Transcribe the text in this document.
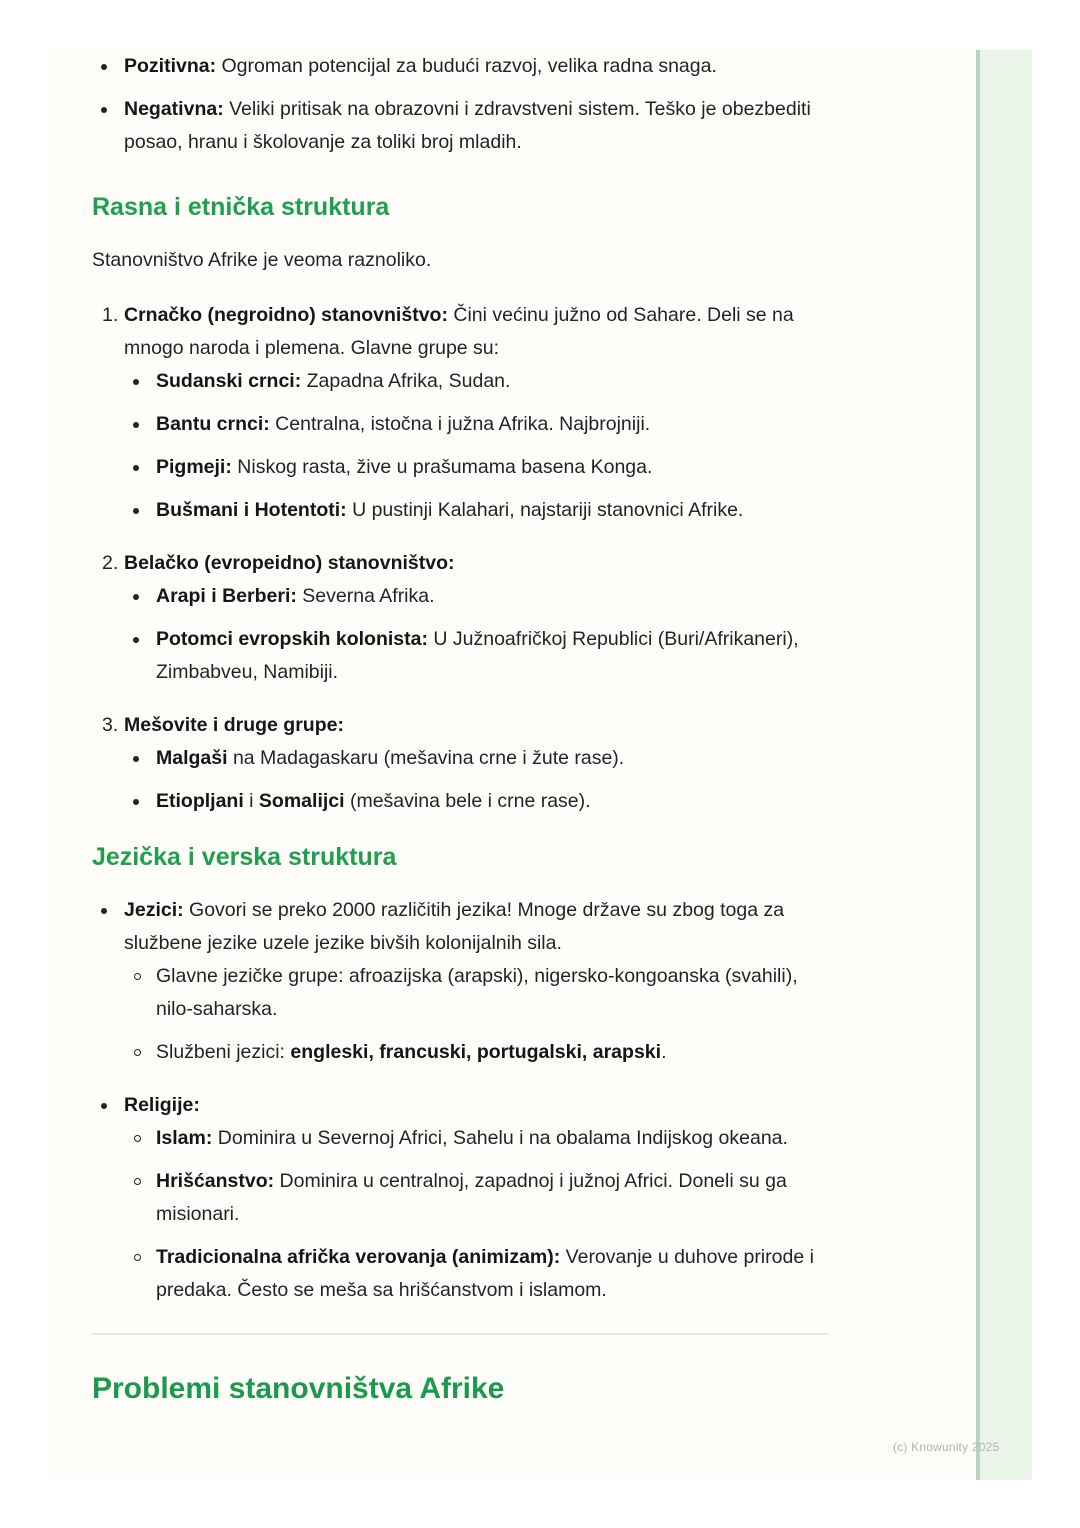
Pozitivna: Ogroman potencijal za budući razvoj, velika radna snaga.
Negativna: Veliki pritisak na obrazovni i zdravstveni sistem. Teško je obezbediti posao, hranu i školovanje za toliki broj mladih.
Rasna i etnička struktura

Stanovništvo Afrike je veoma raznoliko.

1. Crnačko (negroidno) stanovništvo: Čini većinu južno od Sahare. Deli se na mnogo naroda i plemena. Glavne grupe su:
Sudanski crnci: Zapadna Afrika, Sudan.
Bantu crnci: Centralna, istočna i južna Afrika. Najbrojniji.
Pigmeji: Niskog rasta, žive u prašumama basena Konga.
Bušmani i Hotentoti: U pustinji Kalahari, najstariji stanovnici Afrike.
2. Belačko (evropeidno) stanovništvo:
Arapi i Berberi: Severna Afrika.
Potomci evropskih kolonista: U Južnoafričkoj Republici (Buri/Afrikaneri), Zimbabveu, Namibiji.
3. Mešovite i druge grupe:
Malgaši na Madagaskaru (mešavina crne i žute rase).
Etiopljani i Somalijci (mešavina bele i crne rase).
Jezička i verska struktura
Jezici: Govori se preko 2000 različitih jezika! Mnoge države su zbog toga za službene jezike uzele jezike bivših kolonijalnih sila.
Glavne jezičke grupe: afroazijska (arapski), nigersko-kongoanska (svahili), nilo-saharska.
Službeni jezici: engleski, francuski, portugalski, arapski.
Religije:
Islam: Dominira u Severnoj Africi, Sahelu i na obalama Indijskog okeana.
Hrišćanstvo: Dominira u centralnoj, zapadnoj i južnoj Africi. Doneli su ga misionari.
Tradicionalna afrička verovanja (animizam): Verovanje u duhove prirode i predaka. Često se meša sa hrišćanstvom i islamom.
Problemi stanovništva Afrike
(c) Knowunity 2025
